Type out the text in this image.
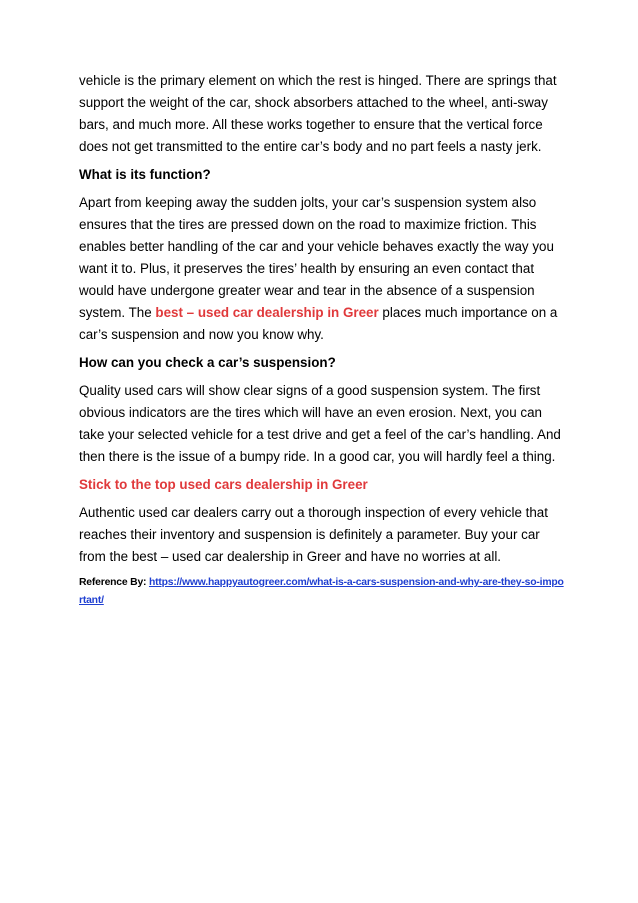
vehicle is the primary element on which the rest is hinged. There are springs that support the weight of the car, shock absorbers attached to the wheel, anti-sway bars, and much more. All these works together to ensure that the vertical force does not get transmitted to the entire car’s body and no part feels a nasty jerk.

What is its function?

Apart from keeping away the sudden jolts, your car’s suspension system also ensures that the tires are pressed down on the road to maximize friction. This enables better handling of the car and your vehicle behaves exactly the way you want it to. Plus, it preserves the tires’ health by ensuring an even contact that would have undergone greater wear and tear in the absence of a suspension system. The best – used car dealership in Greer places much importance on a car’s suspension and now you know why.

How can you check a car’s suspension?

Quality used cars will show clear signs of a good suspension system. The first obvious indicators are the tires which will have an even erosion. Next, you can take your selected vehicle for a test drive and get a feel of the car’s handling. And then there is the issue of a bumpy ride. In a good car, you will hardly feel a thing.

Stick to the top used cars dealership in Greer

Authentic used car dealers carry out a thorough inspection of every vehicle that reaches their inventory and suspension is definitely a parameter. Buy your car from the best – used car dealership in Greer and have no worries at all.

Reference By: https://www.happyautogreer.com/what-is-a-cars-suspension-and-why-are-they-so-important/
